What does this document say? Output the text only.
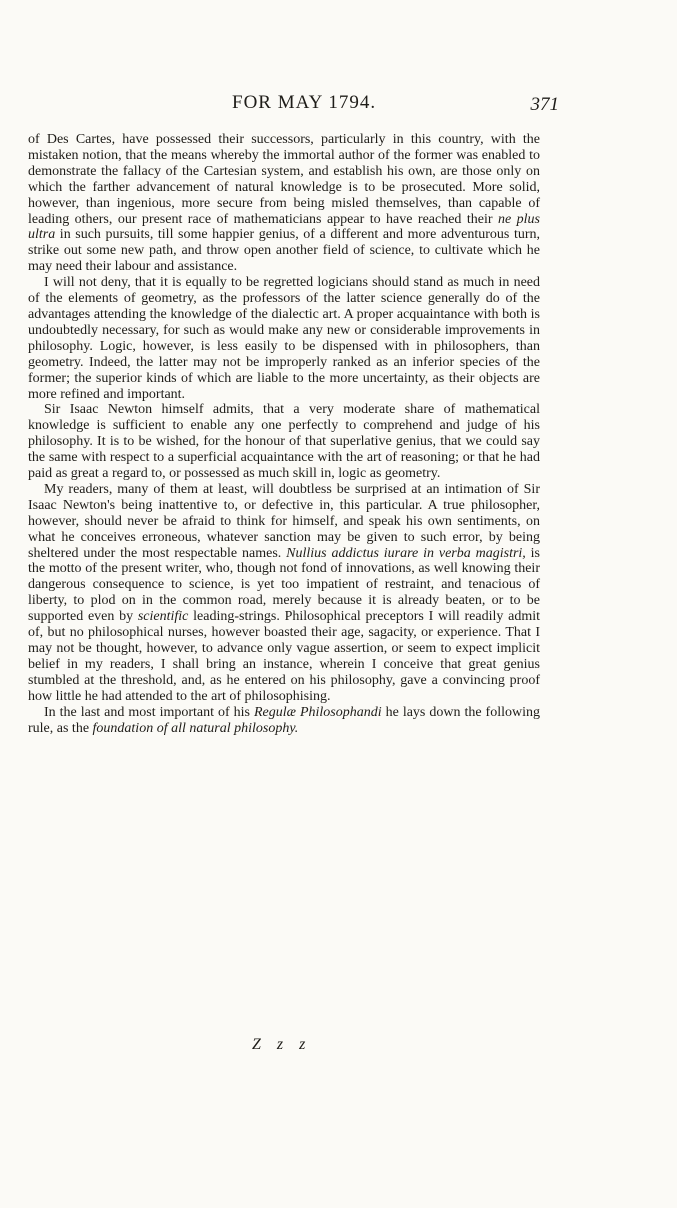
FOR MAY 1794.	371

of Des Cartes, have possessed their successors, particularly in this country, with the mistaken notion, that the means whereby the immortal author of the former was enabled to demonstrate the fallacy of the Cartesian system, and establish his own, are those only on which the farther advancement of natural knowledge is to be prosecuted. More solid, however, than ingenious, more secure from being misled themselves, than capable of leading others, our present race of mathematicians appear to have reached their ne plus ultra in such pursuits, till some happier genius, of a different and more adventurous turn, strike out some new path, and throw open another field of science, to cultivate which he may need their labour and assistance.

I will not deny, that it is equally to be regretted logicians should stand as much in need of the elements of geometry, as the professors of the latter science generally do of the advantages attending the knowledge of the dialectic art. A proper acquaintance with both is undoubtedly necessary, for such as would make any new or considerable improvements in philosophy. Logic, however, is less easily to be dispensed with in philosophers, than geometry. Indeed, the latter may not be improperly ranked as an inferior species of the former; the superior kinds of which are liable to the more uncertainty, as their objects are more refined and important.

Sir Isaac Newton himself admits, that a very moderate share of mathematical knowledge is sufficient to enable any one perfectly to comprehend and judge of his philosophy. It is to be wished, for the honour of that superlative genius, that we could say the same with respect to a superficial acquaintance with the art of reasoning; or that he had paid as great a regard to, or possessed as much skill in, logic as geometry.

My readers, many of them at least, will doubtless be surprised at an intimation of Sir Isaac Newton's being inattentive to, or defective in, this particular. A true philosopher, however, should never be afraid to think for himself, and speak his own sentiments, on what he conceives erroneous, whatever sanction may be given to such error, by being sheltered under the most respectable names. Nullius addictus iurare in verba magistri, is the motto of the present writer, who, though not fond of innovations, as well knowing their dangerous consequence to science, is yet too impatient of restraint, and tenacious of liberty, to plod on in the common road, merely because it is already beaten, or to be supported even by scientific leading-strings. Philosophical preceptors I will readily admit of, but no philosophical nurses, however boasted their age, sagacity, or experience. That I may not be thought, however, to advance only vague assertion, or seem to expect implicit belief in my readers, I shall bring an instance, wherein I conceive that great genius stumbled at the threshold, and, as he entered on his philosophy, gave a convincing proof how little he had attended to the art of philosophising.

In the last and most important of his Regulæ Philosophandi he lays down the following rule, as the foundation of all natural philosophy.

Z z z
